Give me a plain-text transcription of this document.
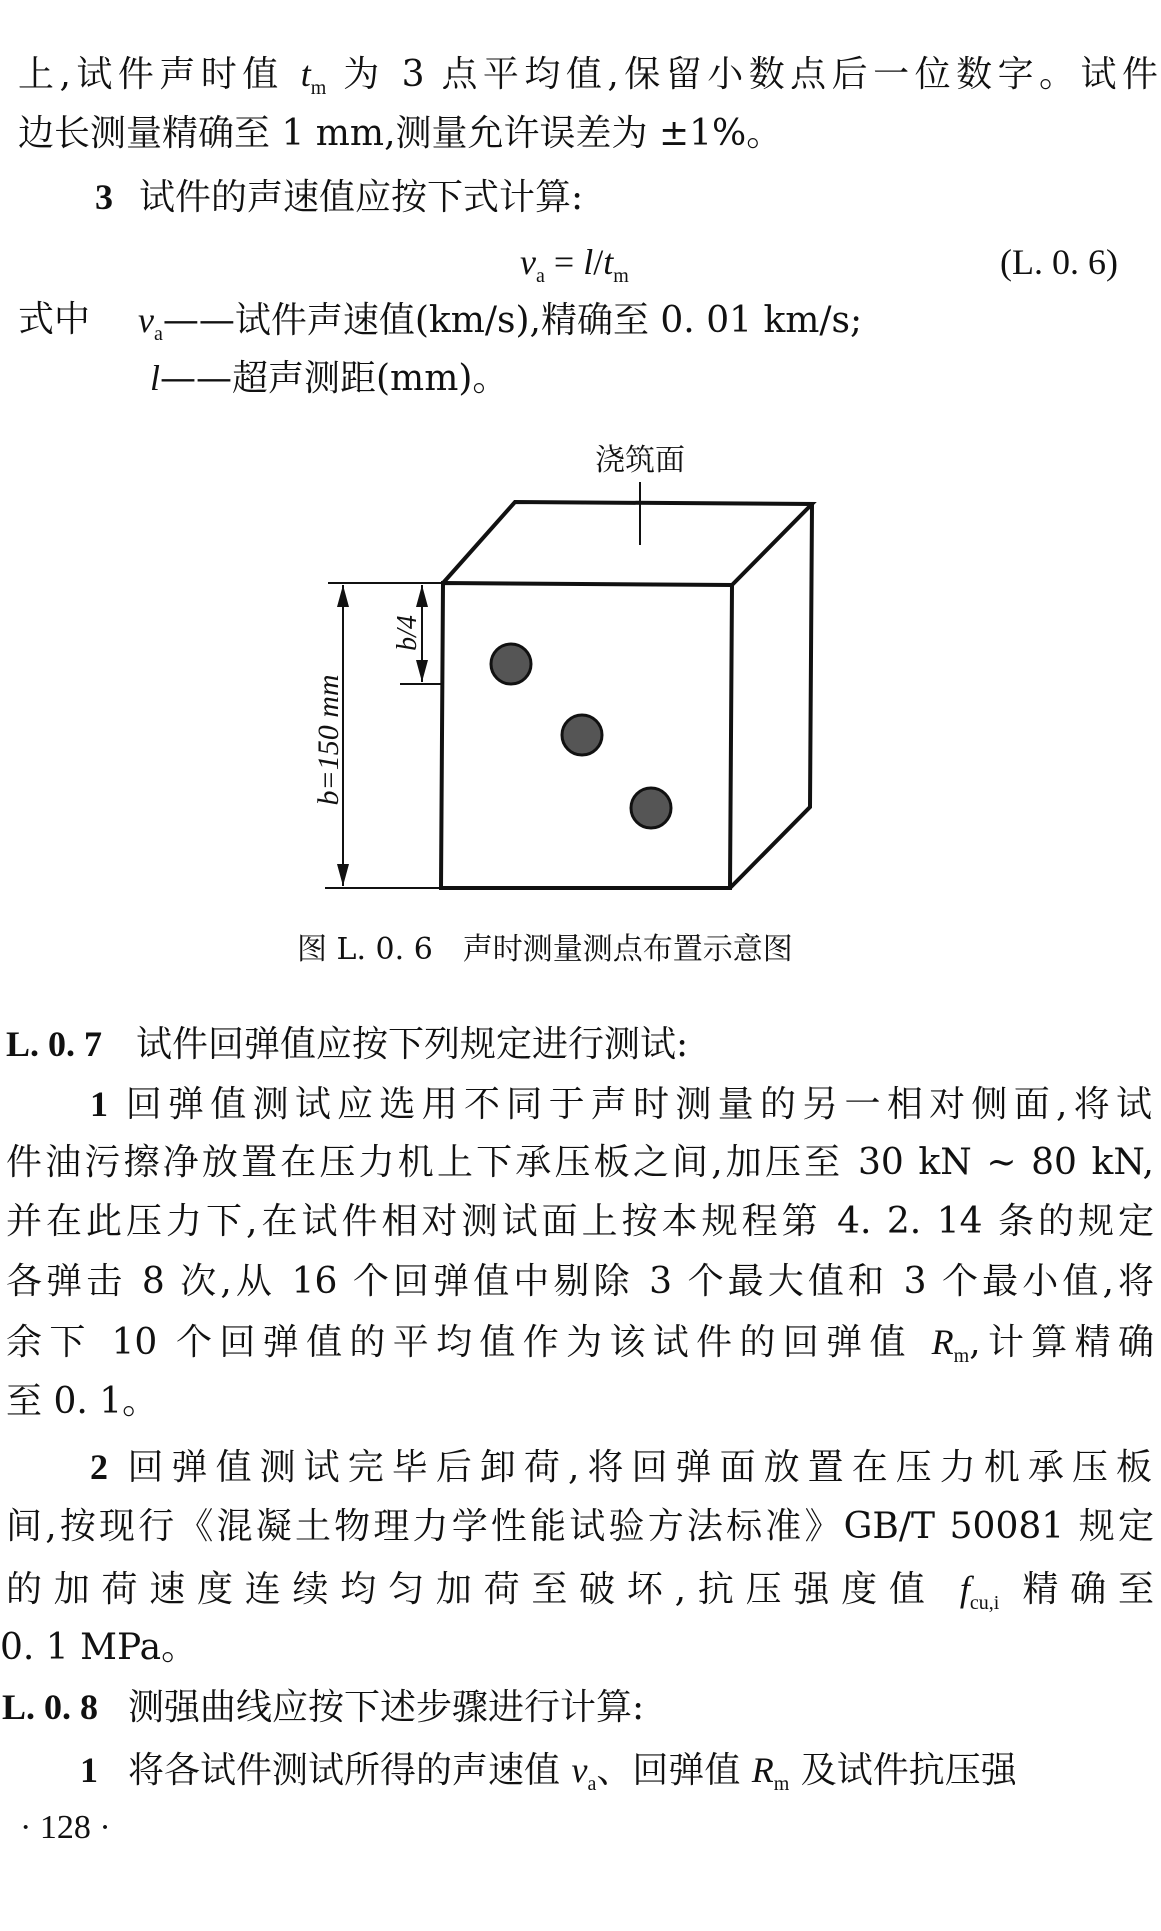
上,试件声时值 $t_m$ 为 3 点平均值,保留小数点后一位数字。试件
边长测量精确至 1 mm,测量允许误差为 ±1%。
3 试件的声速值应按下式计算:
$v_a = l/t_m$	(L. 0. 6)
式中 $v_a——$试件声速值(km/s),精确至 0. 01 km/s;
l——超声测距(mm)。
浇筑面
b=150 mm
b/4
图 L. 0. 6 声时测量测点布置示意图
L. 0. 7 试件回弹值应按下列规定进行测试:
1 回弹值测试应选用不同于声时测量的另一相对侧面,将试
件油污擦净放置在压力机上下承压板之间,加压至 30 kN ~ 80 kN,
并在此压力下,在试件相对测试面上按本规程第 4. 2. 14 条的规定
各弹击 8 次,从 16 个回弹值中剔除 3 个最大值和 3 个最小值,将
余下 10 个回弹值的平均值作为该试件的回弹值 $R_m$,计算精确
至 0. 1。
2 回弹值测试完毕后卸荷,将回弹面放置在压力机承压板
间,按现行《混凝土物理力学性能试验方法标准》GB/T 50081 规定
的加荷速度连续均匀加荷至破坏,抗压强度值 $f_{cu,i}$ 精确至
0. 1 MPa。
L. 0. 8 测强曲线应按下述步骤进行计算:
1 将各试件测试所得的声速值 $v_a$、回弹值 $R_m$ 及试件抗压强
· 128 ·
